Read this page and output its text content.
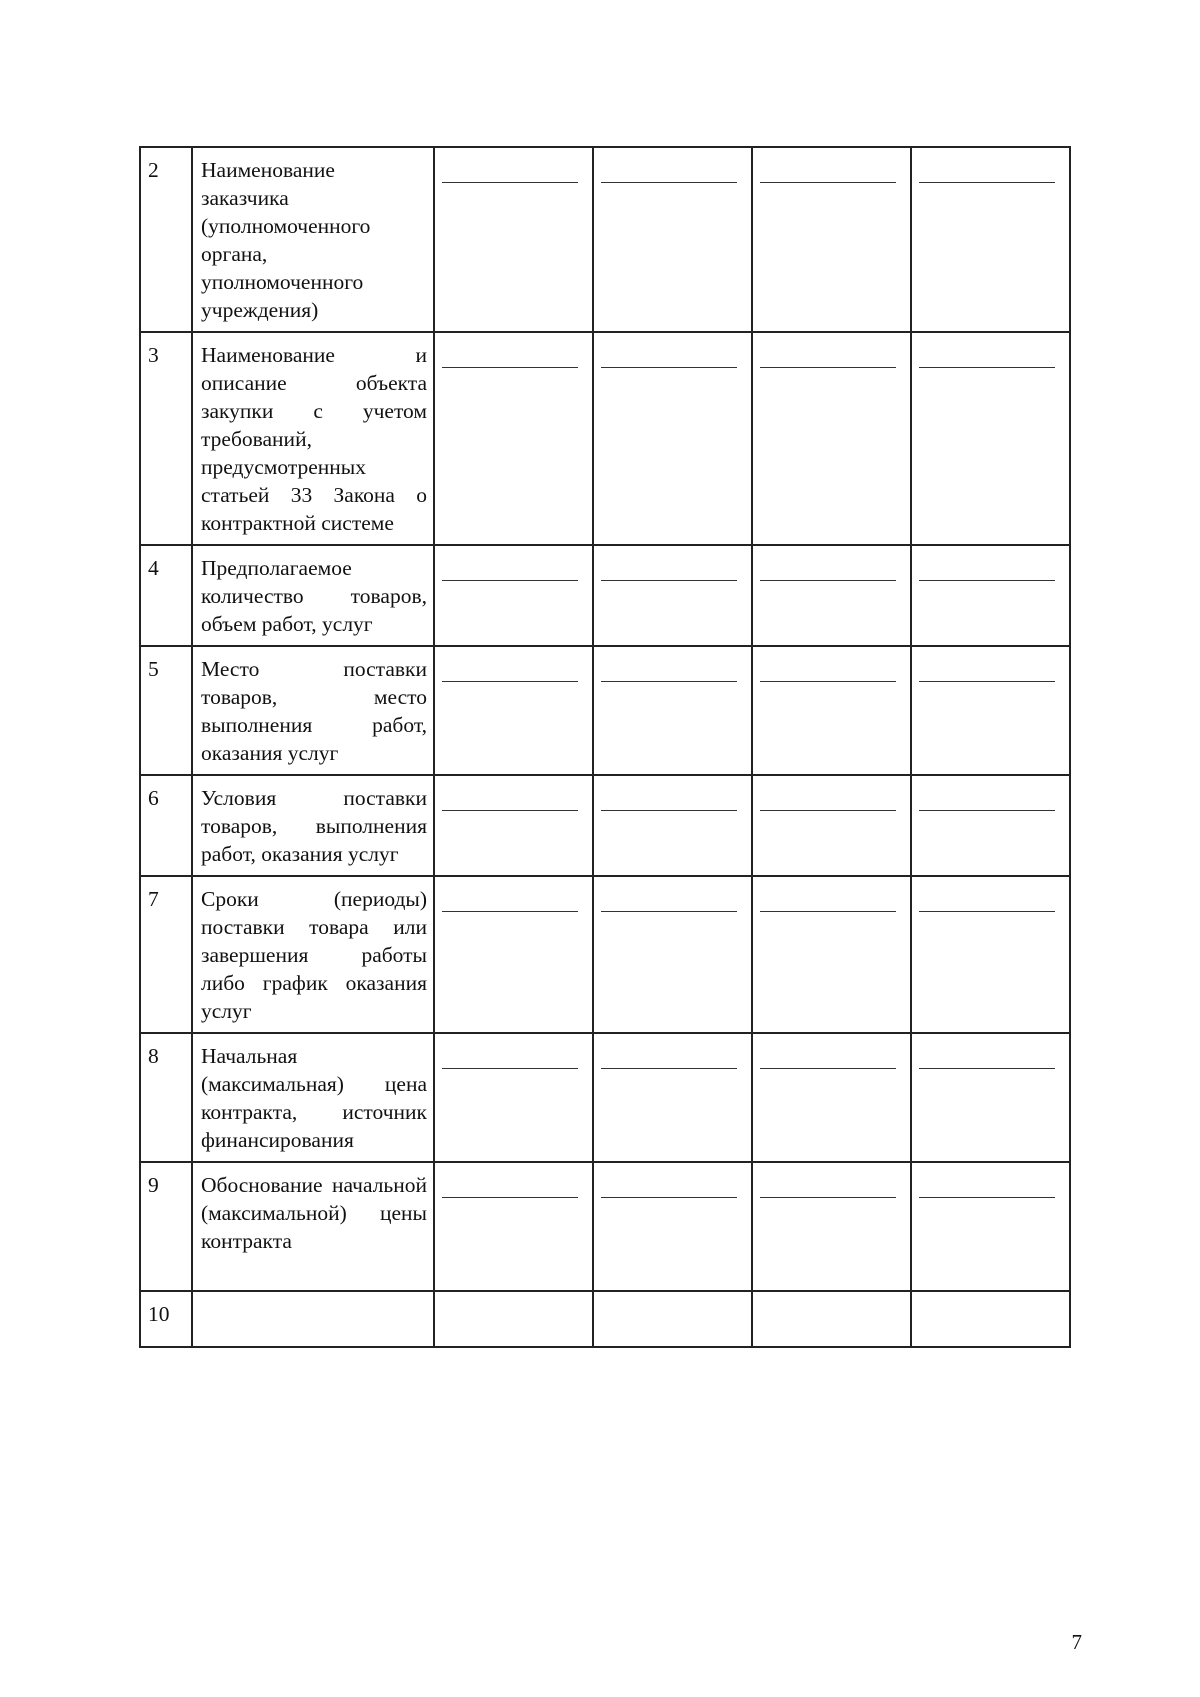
2	Наименование заказчика (уполномоченного органа, уполномоченного учреждения)	

3	Наименование и описание объекта закупки с учетом требований, предусмотренных статьей 33 Закона о контрактной системе	

4	Предполагаемое количество товаров, объем работ, услуг	

5	Место поставки товаров, место выполнения работ, оказания услуг	

6	Условия поставки товаров, выполнения работ, оказания услуг	

7	Сроки (периоды) поставки товара или завершения работы либо график оказания услуг	

8	Начальная (максимальная) цена контракта, источник финансирования	

9	Обоснование начальной (максимальной) цены контракта	

10					
7
